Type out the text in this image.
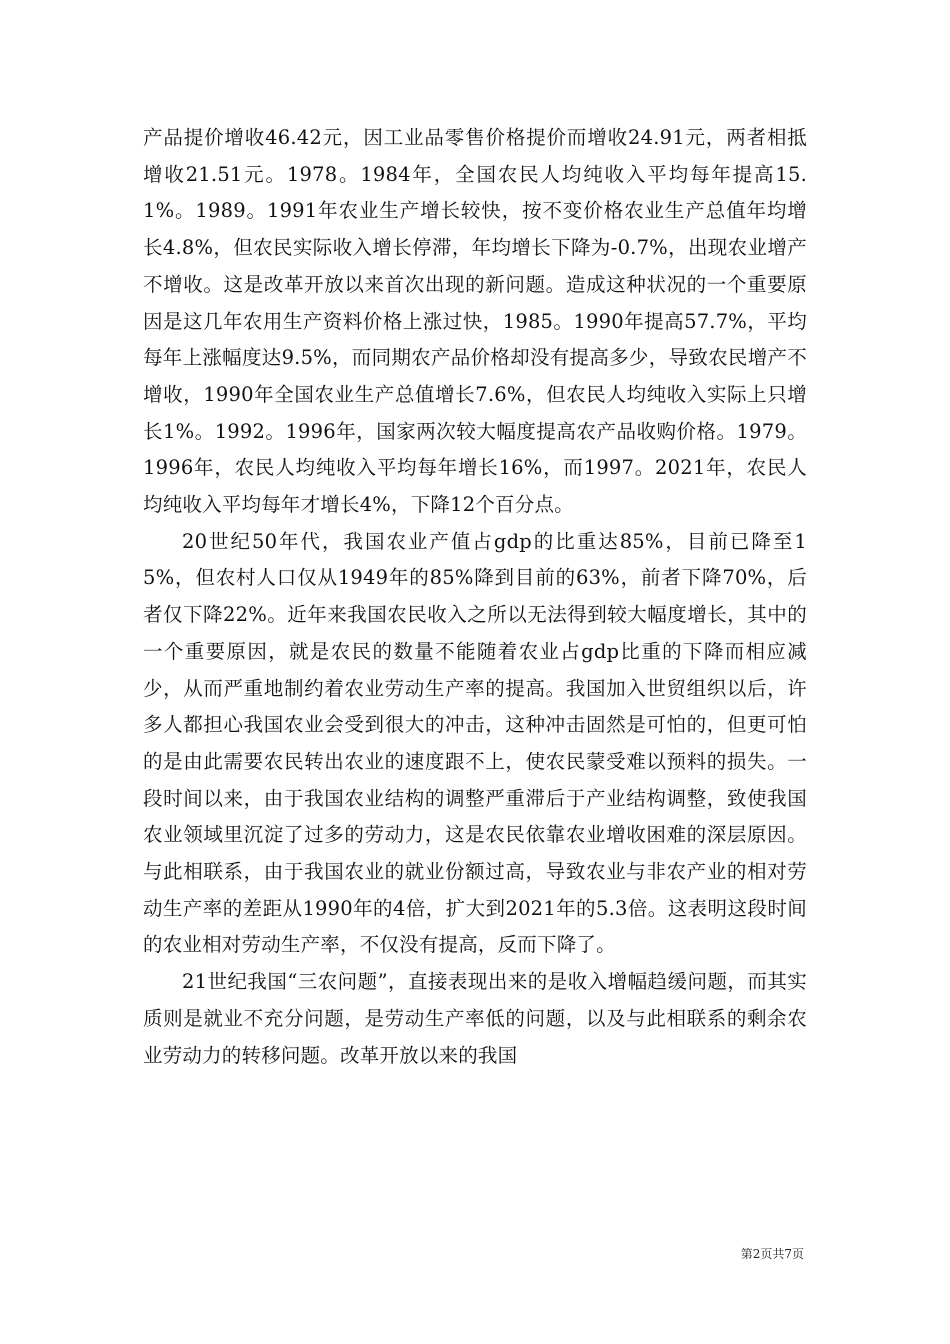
产品提价增收46.42元，因工业品零售价格提价而增收24.91元，两者相抵增收21.51元。1978。1984年，全国农民人均纯收入平均每年提高15.1%。1989。1991年农业生产增长较快，按不变价格农业生产总值年均增长4.8%，但农民实际收入增长停滞，年均增长下降为-0.7%，出现农业增产不增收。这是改革开放以来首次出现的新问题。造成这种状况的一个重要原因是这几年农用生产资料价格上涨过快，1985。1990年提高57.7%，平均每年上涨幅度达9.5%，而同期农产品价格却没有提高多少，导致农民增产不增收，1990年全国农业生产总值增长7.6%，但农民人均纯收入实际上只增长1%。1992。1996年，国家两次较大幅度提高农产品收购价格。1979。1996年，农民人均纯收入平均每年增长16%，而1997。2021年，农民人均纯收入平均每年才增长4%，下降12个百分点。

20世纪50年代，我国农业产值占gdp的比重达85%，目前已降至15%，但农村人口仅从1949年的85%降到目前的63%，前者下降70%，后者仅下降22%。近年来我国农民收入之所以无法得到较大幅度增长，其中的一个重要原因，就是农民的数量不能随着农业占gdp比重的下降而相应减少，从而严重地制约着农业劳动生产率的提高。我国加入世贸组织以后，许多人都担心我国农业会受到很大的冲击，这种冲击固然是可怕的，但更可怕的是由此需要农民转出农业的速度跟不上，使农民蒙受难以预料的损失。一段时间以来，由于我国农业结构的调整严重滞后于产业结构调整，致使我国农业领域里沉淀了过多的劳动力，这是农民依靠农业增收困难的深层原因。与此相联系，由于我国农业的就业份额过高，导致农业与非农产业的相对劳动生产率的差距从1990年的4倍，扩大到2021年的5.3倍。这表明这段时间的农业相对劳动生产率，不仅没有提高，反而下降了。

21世纪我国“三农问题”，直接表现出来的是收入增幅趋缓问题，而其实质则是就业不充分问题，是劳动生产率低的问题，以及与此相联系的剩余农业劳动力的转移问题。改革开放以来的我国

第2页共7页
